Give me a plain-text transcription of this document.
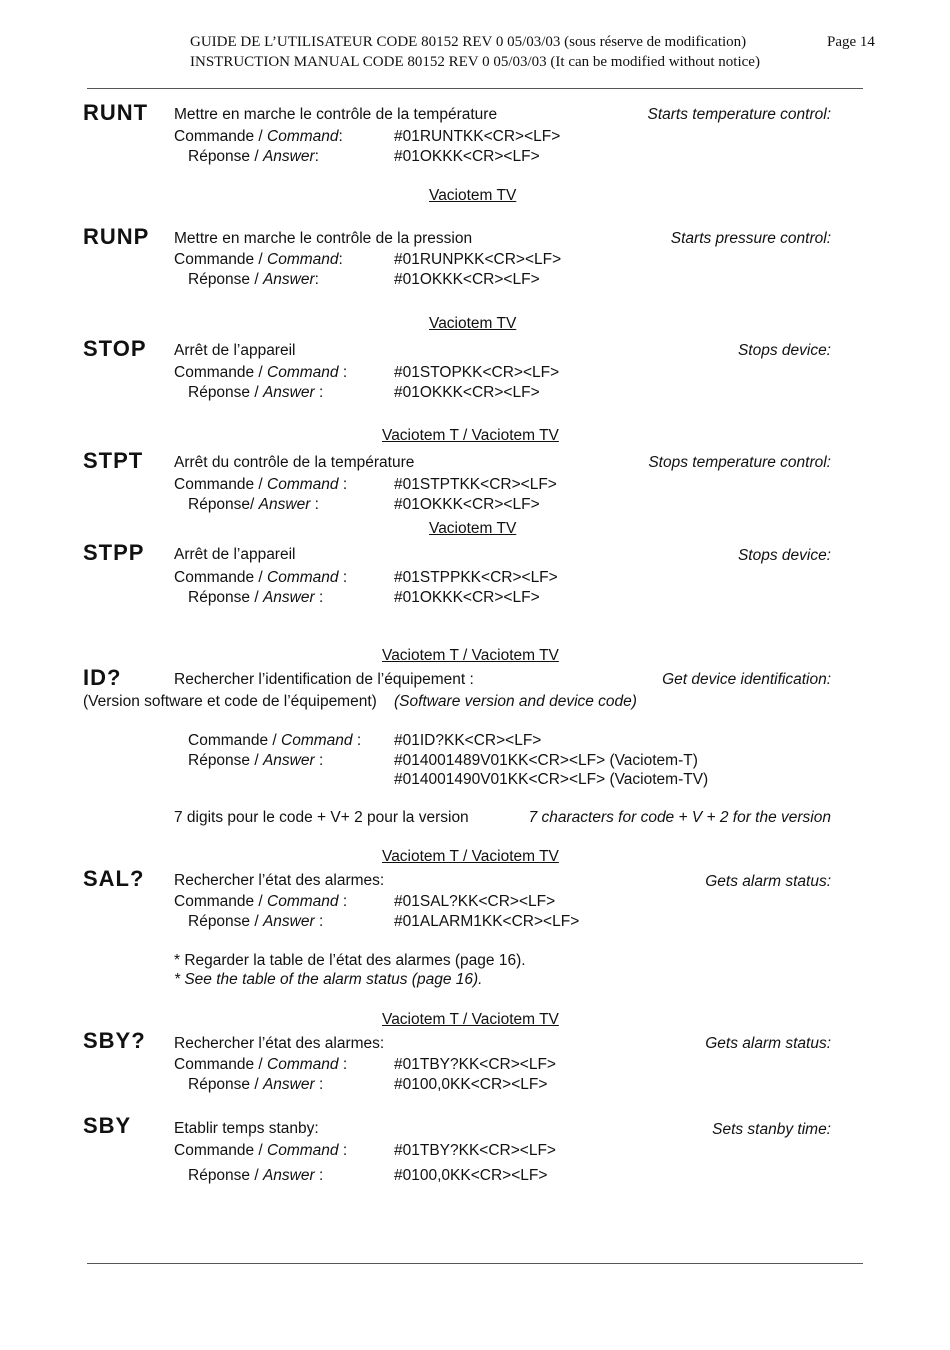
GUIDE DE L’UTILISATEUR CODE 80152 REV 0 05/03/03 (sous réserve de modification)	Page 14
INSTRUCTION MANUAL CODE 80152 REV 0 05/03/03 (It can be modified without notice)
RUNT Mettre en marche le contrôle de la température	Starts temperature control:
Commande / Command:	#01RUNTKK<CR><LF>
Réponse / Answer:	#01OKKK<CR><LF>
Vaciotem TV
RUNP Mettre en marche le contrôle de la pression	Starts pressure control:
Commande / Command:	#01RUNPKK<CR><LF>
Réponse / Answer:	#01OKKK<CR><LF>
Vaciotem TV
STOP Arrêt de l’appareil	Stops device:
Commande / Command :	#01STOPKK<CR><LF>
Réponse / Answer :	#01OKKK<CR><LF>
Vaciotem T / Vaciotem TV
STPT Arrêt du contrôle de la température	Stops temperature control:
Commande / Command :	#01STPTKK<CR><LF>
Réponse/ Answer :	#01OKKK<CR><LF>
Vaciotem TV
STPP Arrêt de l’appareil	Stops device:
Commande / Command :	#01STPPKK<CR><LF>
Réponse / Answer :	#01OKKK<CR><LF>
Vaciotem T / Vaciotem TV
ID?	Rechercher l’identification de l’équipement :	Get device identification:
(Version software et code de l’équipement) (Software version and device code)
Commande / Command : #01ID?KK<CR><LF>
Réponse / Answer :	#014001489V01KK<CR><LF> (Vaciotem-T)
#014001490V01KK<CR><LF> (Vaciotem-TV)
7 digits pour le code + V+ 2 pour la version	7 characters for code + V + 2 for the version
Vaciotem T / Vaciotem TV
SAL? Rechercher l’état des alarmes:	Gets alarm status:
Commande / Command :	#01SAL?KK<CR><LF>
Réponse / Answer :	#01ALARM1KK<CR><LF>
* Regarder la table de l’état des alarmes (page 16).
* See the table of the alarm status (page 16).
Vaciotem T / Vaciotem TV
SBY? Rechercher l’état des alarmes:	Gets alarm status:
Commande / Command :	#01TBY?KK<CR><LF>
Réponse / Answer :	#0100,0KK<CR><LF>
SBY	Etablir temps stanby:	Sets stanby time:
Commande / Command :	#01TBY?KK<CR><LF>
Réponse / Answer :	#0100,0KK<CR><LF>
